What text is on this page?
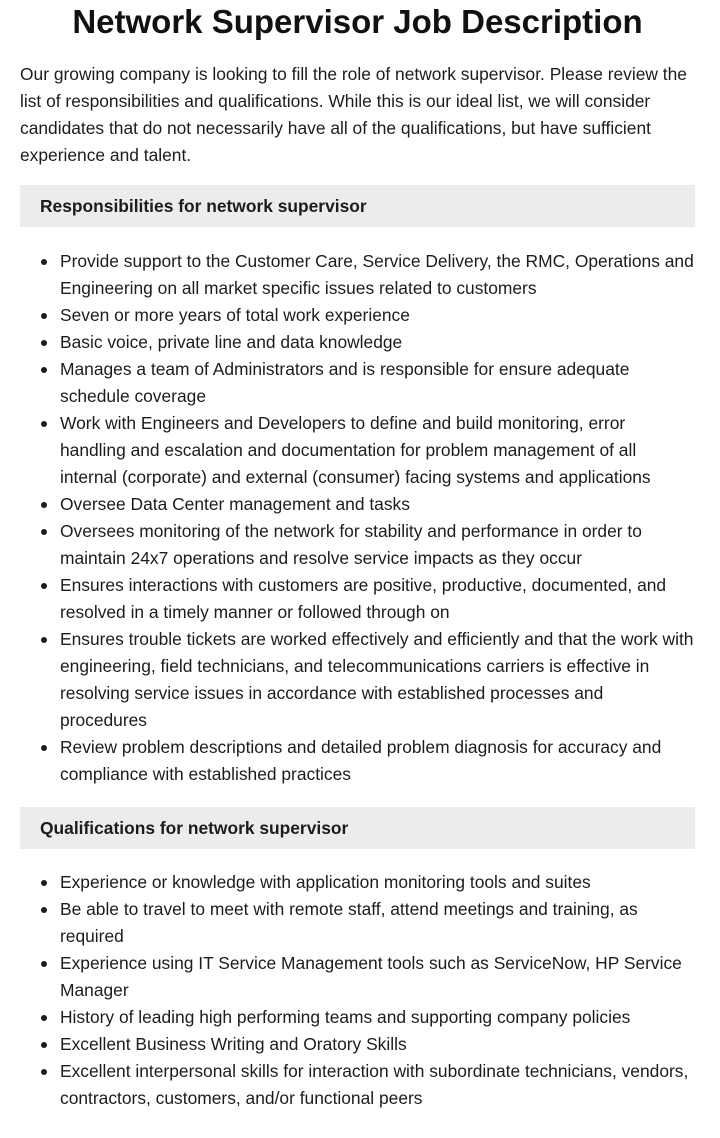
Network Supervisor Job Description

Our growing company is looking to fill the role of network supervisor. Please review the list of responsibilities and qualifications. While this is our ideal list, we will consider candidates that do not necessarily have all of the qualifications, but have sufficient experience and talent.

Responsibilities for network supervisor
Provide support to the Customer Care, Service Delivery, the RMC, Operations and Engineering on all market specific issues related to customers
Seven or more years of total work experience
Basic voice, private line and data knowledge
Manages a team of Administrators and is responsible for ensure adequate schedule coverage
Work with Engineers and Developers to define and build monitoring, error handling and escalation and documentation for problem management of all internal (corporate) and external (consumer) facing systems and applications
Oversee Data Center management and tasks
Oversees monitoring of the network for stability and performance in order to maintain 24x7 operations and resolve service impacts as they occur
Ensures interactions with customers are positive, productive, documented, and resolved in a timely manner or followed through on
Ensures trouble tickets are worked effectively and efficiently and that the work with engineering, field technicians, and telecommunications carriers is effective in resolving service issues in accordance with established processes and procedures
Review problem descriptions and detailed problem diagnosis for accuracy and compliance with established practices
Qualifications for network supervisor
Experience or knowledge with application monitoring tools and suites
Be able to travel to meet with remote staff, attend meetings and training, as required
Experience using IT Service Management tools such as ServiceNow, HP Service Manager
History of leading high performing teams and supporting company policies
Excellent Business Writing and Oratory Skills
Excellent interpersonal skills for interaction with subordinate technicians, vendors, contractors, customers, and/or functional peers
